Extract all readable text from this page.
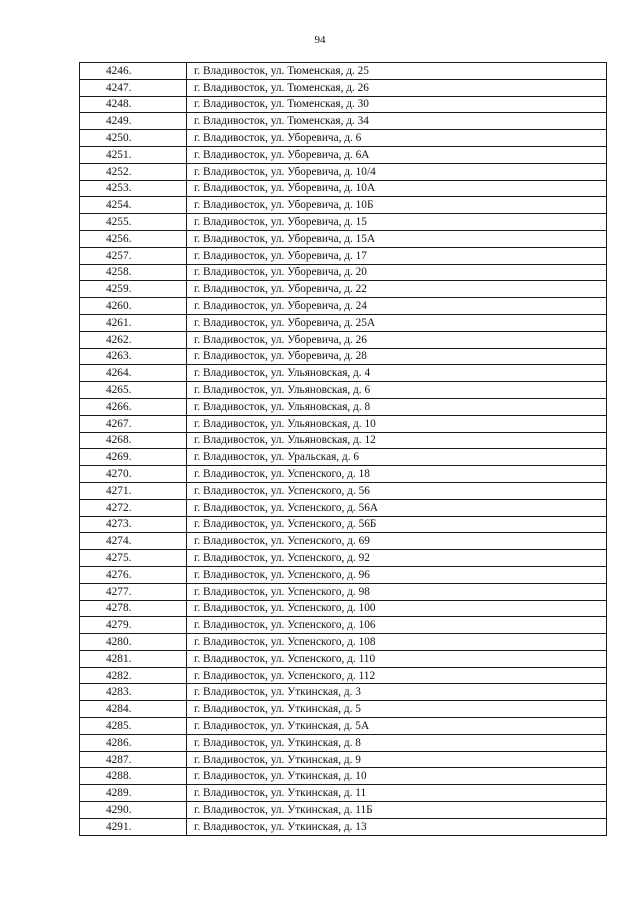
94
4246.	г. Владивосток, ул. Тюменская, д. 25
4247.	г. Владивосток, ул. Тюменская, д. 26
4248.	г. Владивосток, ул. Тюменская, д. 30
4249.	г. Владивосток, ул. Тюменская, д. 34
4250.	г. Владивосток, ул. Уборевича, д. 6
4251.	г. Владивосток, ул. Уборевича, д. 6А
4252.	г. Владивосток, ул. Уборевича, д. 10/4
4253.	г. Владивосток, ул. Уборевича, д. 10А
4254.	г. Владивосток, ул. Уборевича, д. 10Б
4255.	г. Владивосток, ул. Уборевича, д. 15
4256.	г. Владивосток, ул. Уборевича, д. 15А
4257.	г. Владивосток, ул. Уборевича, д. 17
4258.	г. Владивосток, ул. Уборевича, д. 20
4259.	г. Владивосток, ул. Уборевича, д. 22
4260.	г. Владивосток, ул. Уборевича, д. 24
4261.	г. Владивосток, ул. Уборевича, д. 25А
4262.	г. Владивосток, ул. Уборевича, д. 26
4263.	г. Владивосток, ул. Уборевича, д. 28
4264.	г. Владивосток, ул. Ульяновская, д. 4
4265.	г. Владивосток, ул. Ульяновская, д. 6
4266.	г. Владивосток, ул. Ульяновская, д. 8
4267.	г. Владивосток, ул. Ульяновская, д. 10
4268.	г. Владивосток, ул. Ульяновская, д. 12
4269.	г. Владивосток, ул. Уральская, д. 6
4270.	г. Владивосток, ул. Успенского, д. 18
4271.	г. Владивосток, ул. Успенского, д. 56
4272.	г. Владивосток, ул. Успенского, д. 56А
4273.	г. Владивосток, ул. Успенского, д. 56Б
4274.	г. Владивосток, ул. Успенского, д. 69
4275.	г. Владивосток, ул. Успенского, д. 92
4276.	г. Владивосток, ул. Успенского, д. 96
4277.	г. Владивосток, ул. Успенского, д. 98
4278.	г. Владивосток, ул. Успенского, д. 100
4279.	г. Владивосток, ул. Успенского, д. 106
4280.	г. Владивосток, ул. Успенского, д. 108
4281.	г. Владивосток, ул. Успенского, д. 110
4282.	г. Владивосток, ул. Успенского, д. 112
4283.	г. Владивосток, ул. Уткинская, д. 3
4284.	г. Владивосток, ул. Уткинская, д. 5
4285.	г. Владивосток, ул. Уткинская, д. 5А
4286.	г. Владивосток, ул. Уткинская, д. 8
4287.	г. Владивосток, ул. Уткинская, д. 9
4288.	г. Владивосток, ул. Уткинская, д. 10
4289.	г. Владивосток, ул. Уткинская, д. 11
4290.	г. Владивосток, ул. Уткинская, д. 11Б
4291.	г. Владивосток, ул. Уткинская, д. 13
